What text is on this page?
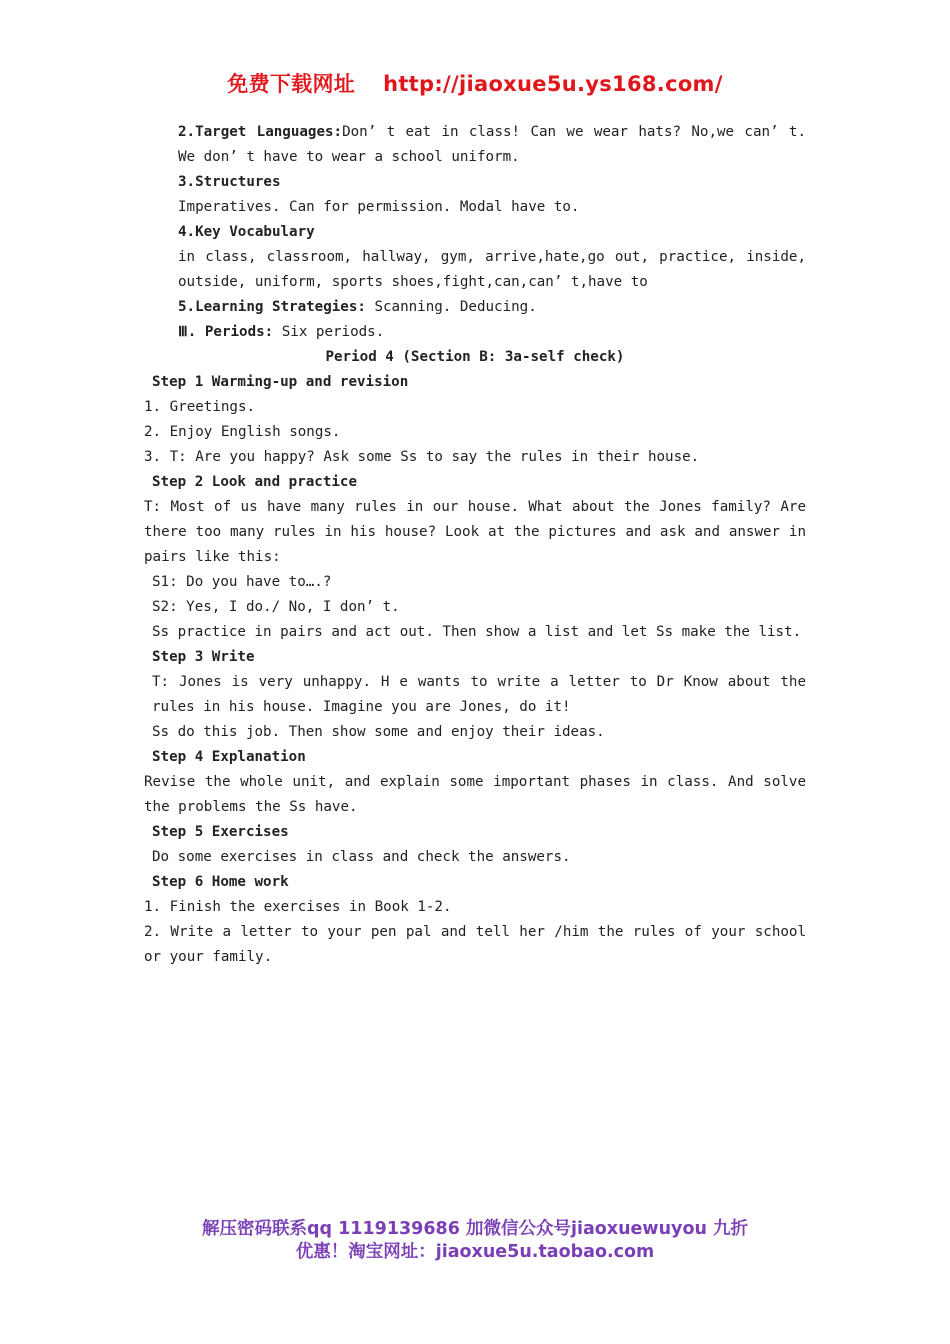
免费下载网址 http://jiaoxue5u.ys168.com/

2.Target Languages:Don’ t eat in class! Can we wear hats? No,we can’ t. We don’ t have to wear a school uniform.

3.Structures

Imperatives. Can for permission. Modal have to.

4.Key Vocabulary

in class, classroom, hallway, gym, arrive,hate,go out, practice, inside, outside, uniform, sports shoes,fight,can,can’ t,have to

5.Learning Strategies: Scanning. Deducing.

Ⅲ. Periods: Six periods.

Period 4 (Section B: 3a-self check)

Step 1 Warming-up and revision

1. Greetings.

2. Enjoy English songs.

3. T: Are you happy? Ask some Ss to say the rules in their house.

Step 2 Look and practice

T: Most of us have many rules in our house. What about the Jones family? Are there too many rules in his house? Look at the pictures and ask and answer in pairs like this:

S1: Do you have to….?

S2: Yes, I do./ No, I don’ t.

Ss practice in pairs and act out. Then show a list and let Ss make the list.

Step 3 Write

T: Jones is very unhappy. H e wants to write a letter to Dr Know about the rules in his house. Imagine you are Jones, do it!

Ss do this job. Then show some and enjoy their ideas.

Step 4 Explanation

Revise the whole unit, and explain some important phases in class. And solve the problems the Ss have.

Step 5 Exercises

Do some exercises in class and check the answers.

Step 6 Home work

1. Finish the exercises in Book 1-2.

2. Write a letter to your pen pal and tell her /him the rules of your school or your family.

解压密码联系qq 1119139686 加微信公众号jiaoxuewuyou 九折
优惠！淘宝网址：jiaoxue5u.taobao.com
